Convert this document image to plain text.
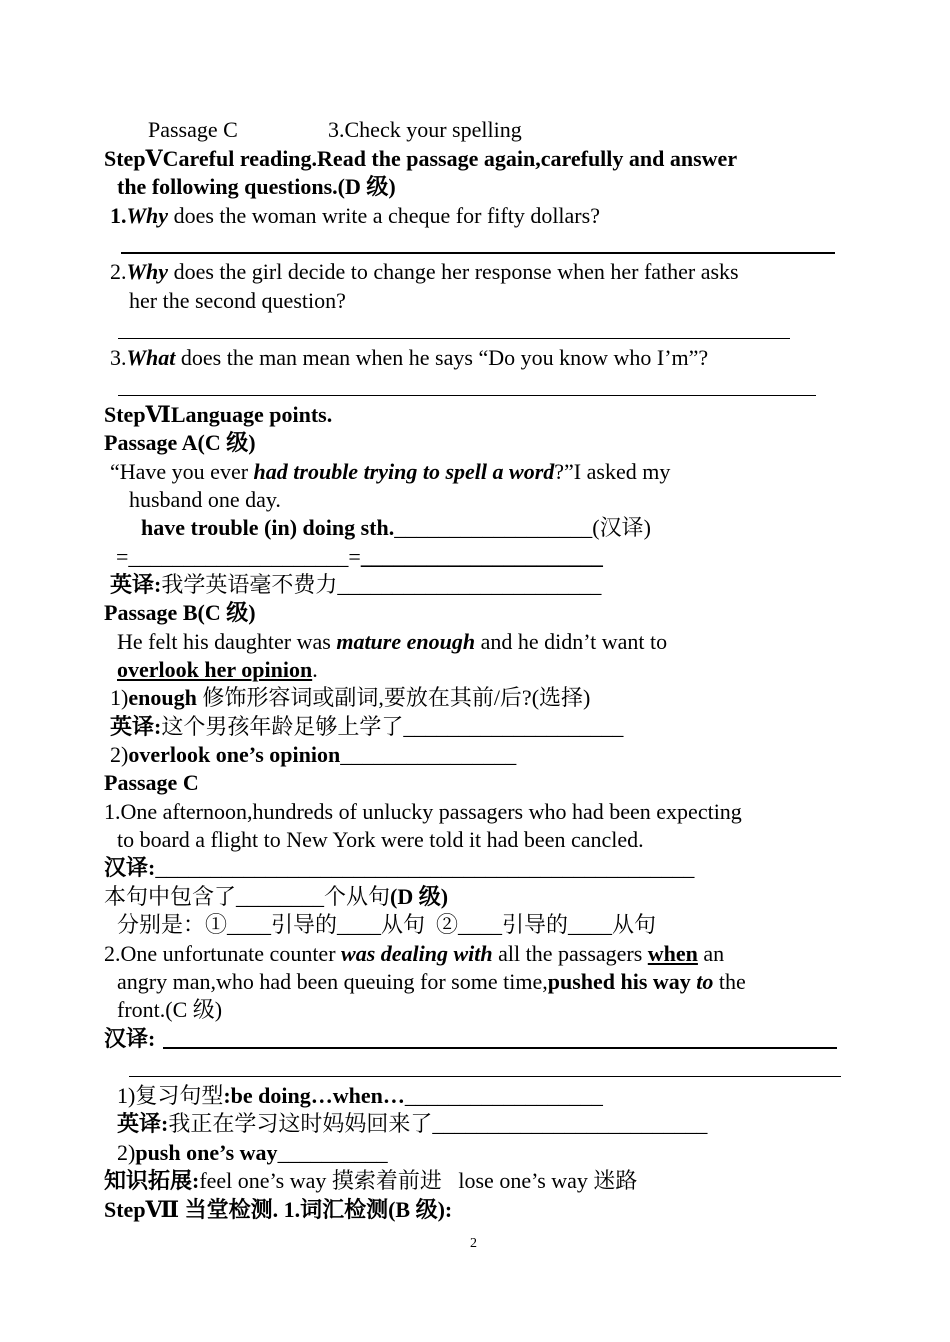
Passage C	3.Check your spelling
StepⅤCareful reading.Read the passage again,carefully and answer
the following questions.(D 级)
1.Why does the woman write a cheque for fifty dollars?
2.Why does the girl decide to change her response when her father asks
her the second question?
3.What does the man mean when he says “Do you know who I’m”?
StepⅥLanguage points.
Passage A(C 级)
“Have you ever had trouble trying to spell a word?”I asked my
husband one day.
have trouble (in) doing sth.__________________(汉译)
=____________________=______________________
英译:我学英语毫不费力________________________
Passage B(C 级)
He felt his daughter was mature enough and he didn’t want to
overlook her opinion.
1)enough 修饰形容词或副词,要放在其前/后?(选择)
英译:这个男孩年龄足够上学了____________________
2)overlook one’s opinion________________
Passage C
1.One afternoon,hundreds of unlucky passagers who had been expecting
to board a flight to New York were told it had been cancled.
汉译:_________________________________________________
本句中包含了________个从句(D 级)
分别是：①____引导的____从句  ②____引导的____从句
2.One unfortunate counter was dealing with all the passagers when an
angry man,who had been queuing for some time,pushed his way to the
front.(C 级)
汉译:
1)复习句型:be doing…when…__________________
英译:我正在学习这时妈妈回来了_________________________
2)push one’s way__________
知识拓展:feel one’s way 摸索着前进   lose one’s way 迷路
StepⅦ 当堂检测. 1.词汇检测(B 级):
2
